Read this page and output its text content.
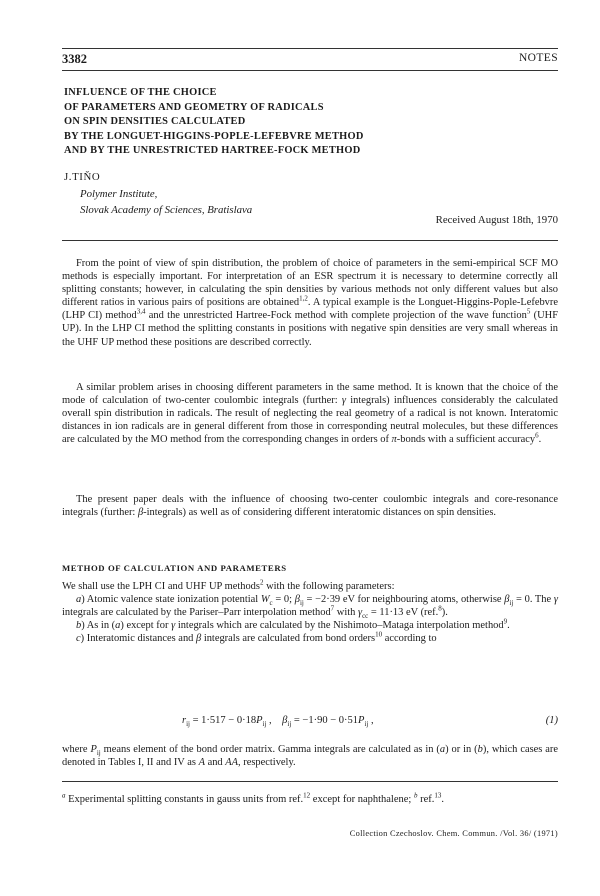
3382	NOTES
INFLUENCE OF THE CHOICE
OF PARAMETERS AND GEOMETRY OF RADICALS
ON SPIN DENSITIES CALCULATED
BY THE LONGUET-HIGGINS-POPLE-LEFEBVRE METHOD
AND BY THE UNRESTRICTED HARTREE-FOCK METHOD
J.TIŇO
Polymer Institute,
Slovak Academy of Sciences, Bratislava
Received August 18th, 1970

From the point of view of spin distribution, the problem of choice of parameters in the semi-empirical SCF MO methods is especially important. For interpretation of an ESR spectrum it is necessary to determine correctly all splitting constants; however, in calculating the spin densities by various methods not only different values but also different ratios in various pairs of positions are obtained$^{1,2}$. A typical example is the Longuet-Higgins-Pople-Lefebvre (LHP CI) method$^{3,4}$ and the unrestricted Hartree-Fock method with complete projection of the wave function$^5$ (UHF UP). In the LHP CI method the splitting constants in positions with negative spin densities are very small whereas in the UHF UP method these positions are described correctly.

A similar problem arises in choosing different parameters in the same method. It is known that the choice of the mode of calculation of two-center coulombic integrals (further: γ integrals) influences considerably the calculated overall spin distribution in radicals. The result of neglecting the real geometry of a radical is not known. Interatomic distances in ion radicals are in general different from those in corresponding neutral molecules, but these differences are calculated by the MO method from the corresponding changes in orders of π-bonds with a sufficient accuracy$^6$.

The present paper deals with the influence of choosing two-center coulombic integrals and core-resonance integrals (further: β-integrals) as well as of considering different interatomic distances on spin densities.

METHOD OF CALCULATION AND PARAMETERS

We shall use the LPH CI and UHF UP methods$^2$ with the following parameters:

a) Atomic valence state ionization potential $W_c = 0$; $\beta_{ij} = -2\cdot 39$ eV for neighbouring atoms, otherwise $\beta_{ij} = 0$. The γ integrals are calculated by the Pariser–Parr interpolation method$^7$ with $\gamma_{cc} = 11\cdot 13$ eV (ref.$^8$).

b) As in (a) except for γ integrals which are calculated by the Nishimoto–Mataga interpolation method$^9$.

c) Interatomic distances and β integrals are calculated from bond orders$^{10}$ according to

$r_{ij} = 1\cdot 517 - 0\cdot 18P_{ij}$ ,    $\beta_{ij} = -1\cdot 90 - 0\cdot 51P_{ij}$ ,	(1)

where $P_{ij}$ means element of the bond order matrix. Gamma integrals are calculated as in (a) or in (b), which cases are denoted in Tables I, II and IV as A and AA, respectively.

$^a$ Experimental splitting constants in gauss units from ref.$^{12}$ except for naphthalene; $^b$ ref.$^{13}$.
Collection Czechoslov. Chem. Commun. /Vol. 36/ (1971)
